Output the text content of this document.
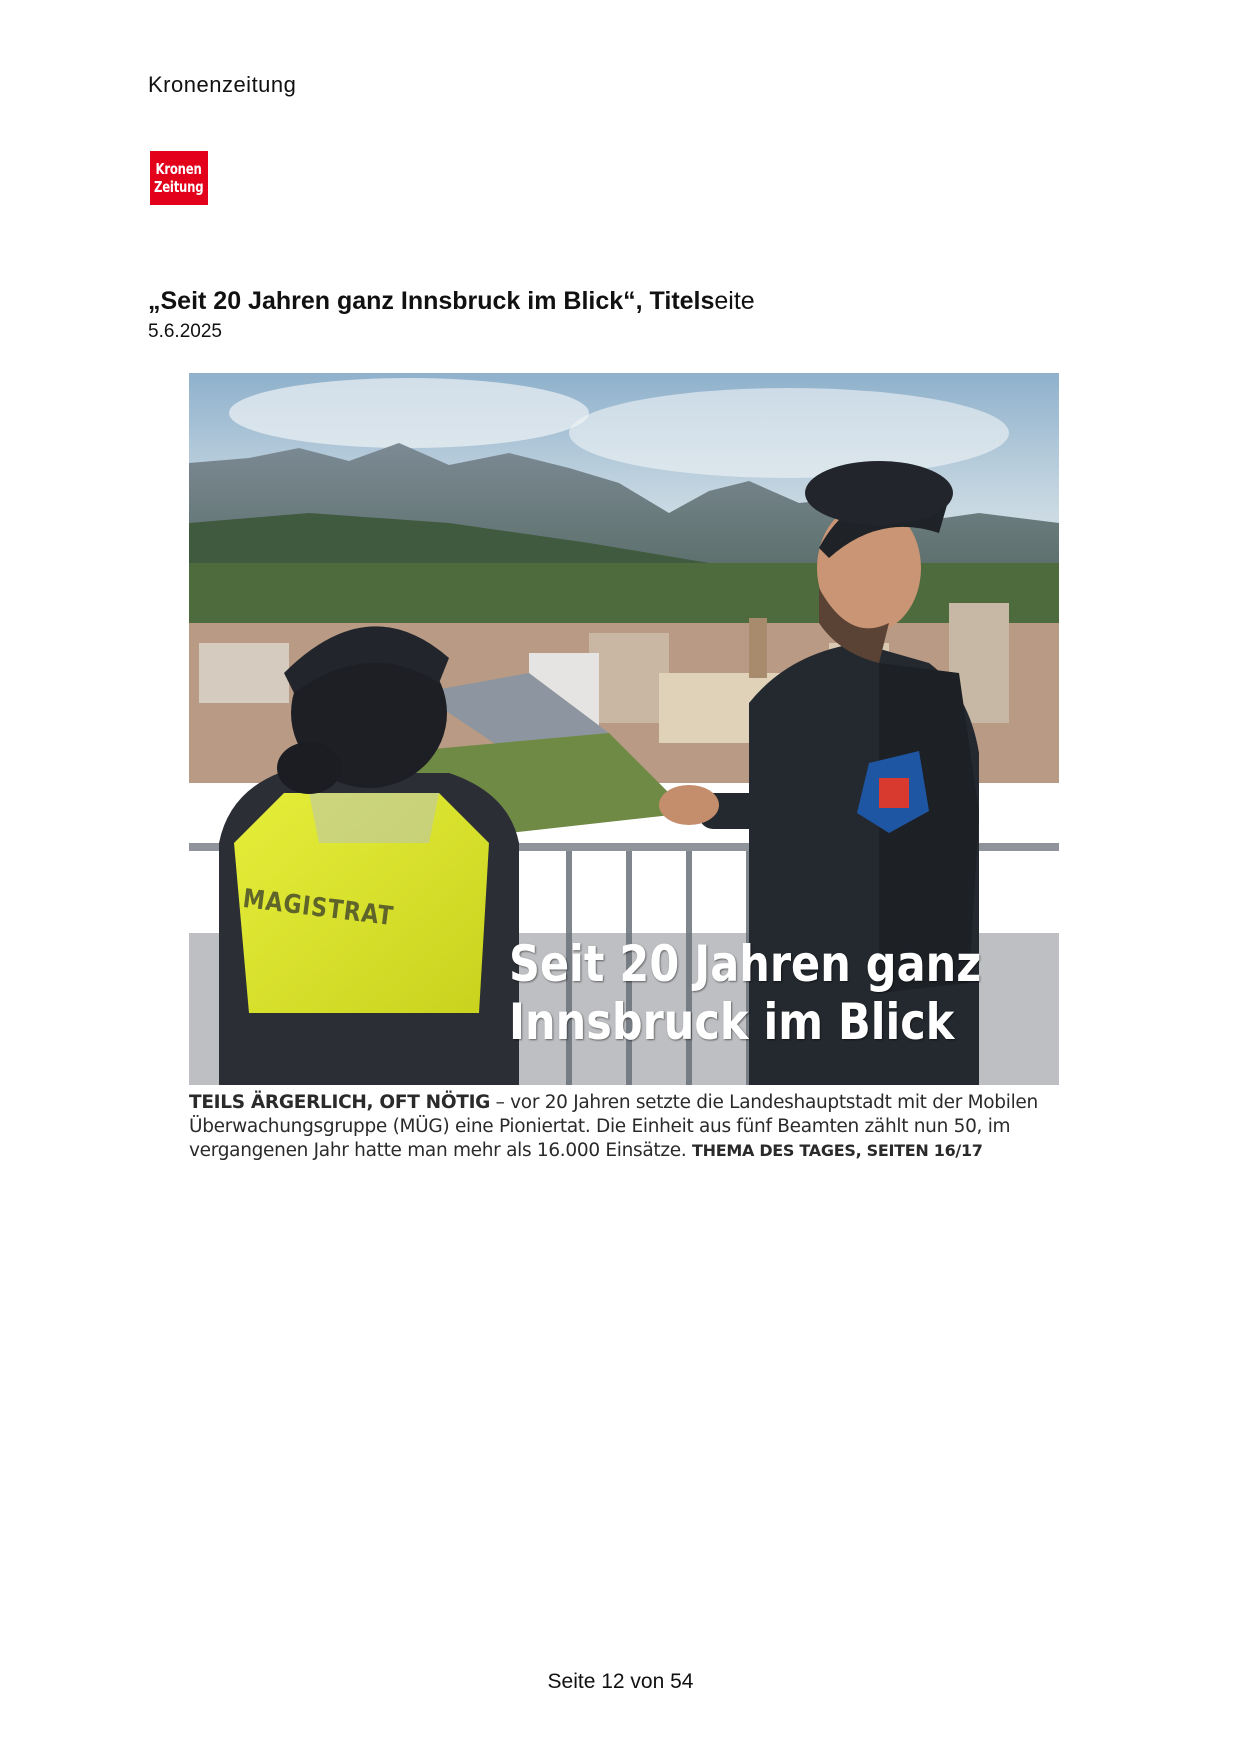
Kronenzeitung
Kronen
Zeitung
„Seit 20 Jahren ganz Innsbruck im Blick“, Titelseite
5.6.2025
MAGISTRAT
Seit 20 Jahren ganz
Innsbruck im Blick
TEILS ÄRGERLICH, OFT NÖTIG – vor 20 Jahren setzte die Landeshauptstadt mit der Mobilen Überwachungsgruppe (MÜG) eine Pioniertat. Die Einheit aus fünf Beamten zählt nun 50, im vergangenen Jahr hatte man mehr als 16.000 Einsätze. THEMA DES TAGES, SEITEN 16/17
Seite 12 von 54
